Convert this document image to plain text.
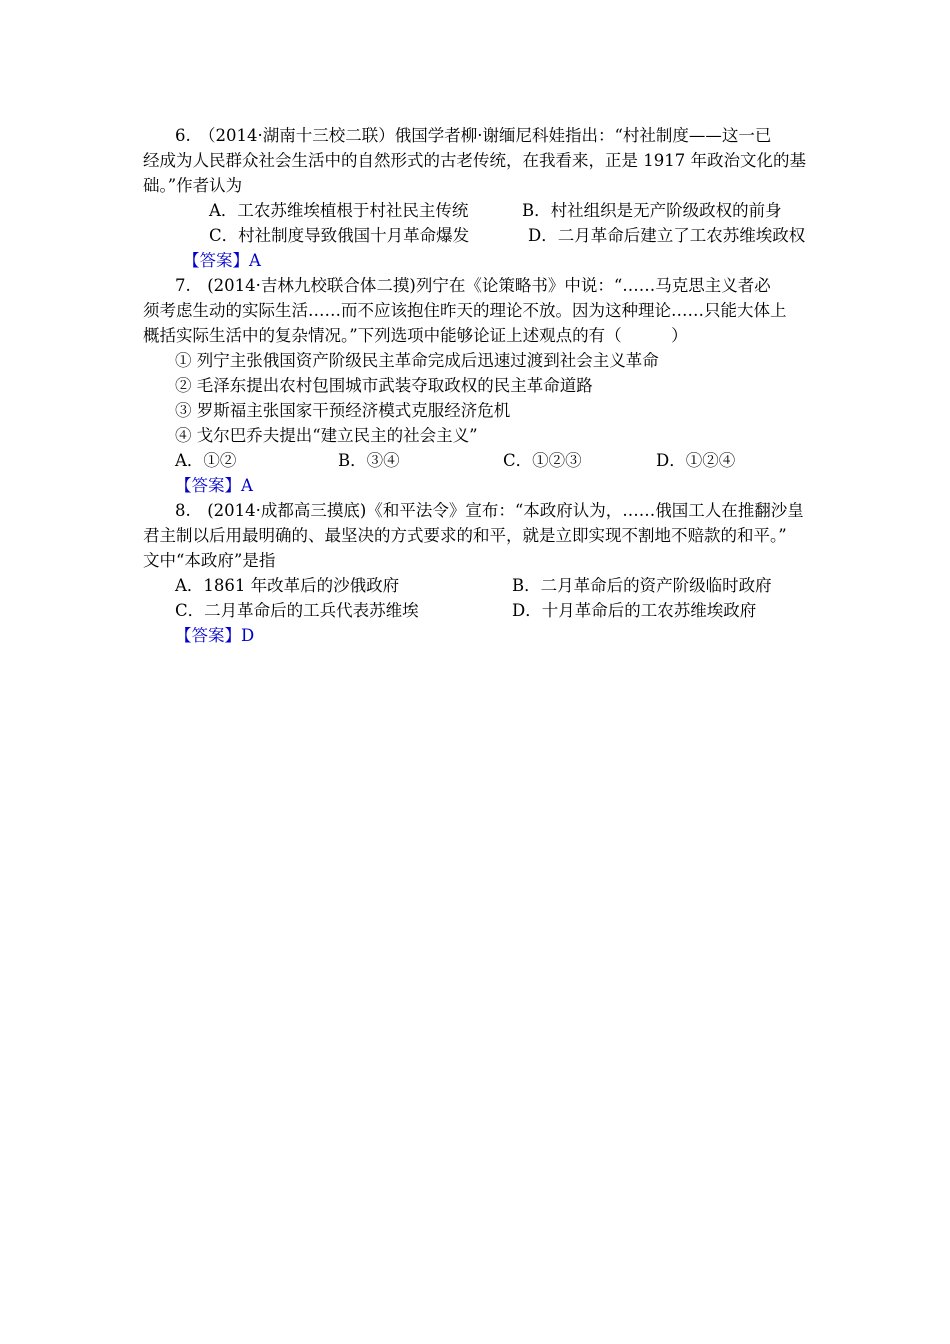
6.　（2014·湖南十三校二联）俄国学者柳·谢缅尼科娃指出：“村社制度——这一已
经成为人民群众社会生活中的自然形式的古老传统，在我看来，正是 1917 年政治文化的基
础。”作者认为
A．工农苏维埃植根于村社民主传统	B．村社组织是无产阶级政权的前身
C．村社制度导致俄国十月革命爆发	D．二月革命后建立了工农苏维埃政权
【答案】A
7.　(2014·吉林九校联合体二摸)列宁在《论策略书》中说：“……马克思主义者必
须考虑生动的实际生活……而不应该抱住昨天的理论不放。因为这种理论……只能大体上
概括实际生活中的复杂情况。”下列选项中能够论证上述观点的有（　　　）
① 列宁主张俄国资产阶级民主革命完成后迅速过渡到社会主义革命
② 毛泽东提出农村包围城市武装夺取政权的民主革命道路
③ 罗斯福主张国家干预经济模式克服经济危机
④ 戈尔巴乔夫提出“建立民主的社会主义”
A．①②	B．③④	C．①②③	D．①②④
【答案】A
8.　(2014·成都高三摸底)《和平法令》宣布：“本政府认为，……俄国工人在推翻沙皇
君主制以后用最明确的、最坚决的方式要求的和平，就是立即实现不割地不赔款的和平。”
文中“本政府”是指
A．1861 年改革后的沙俄政府	B．二月革命后的资产阶级临时政府
C．二月革命后的工兵代表苏维埃	D．十月革命后的工农苏维埃政府
【答案】D
